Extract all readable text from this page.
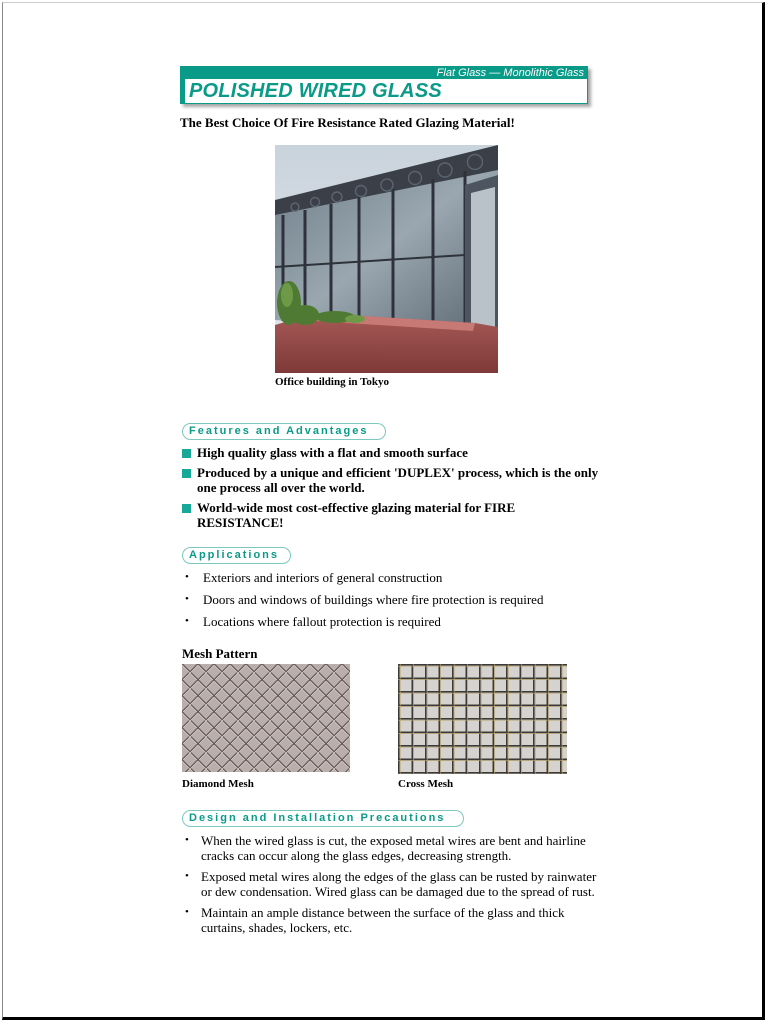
Flat Glass — Monolithic Glass
POLISHED WIRED GLASS
The Best Choice Of Fire Resistance Rated Glazing Material!
Office building in Tokyo
Features and Advantages
High quality glass with a flat and smooth surface
Produced by a unique and efficient 'DUPLEX' process, which is the only one process all over the world.
World-wide most cost-effective glazing material for FIRE RESISTANCE!
Applications
• Exteriors and interiors of general construction
• Doors and windows of buildings where fire protection is required
• Locations where fallout protection is required
Mesh Pattern
Diamond Mesh	Cross Mesh
Design and Installation Precautions
• When the wired glass is cut, the exposed metal wires are bent and hairline cracks can occur along the glass edges, decreasing strength.
• Exposed metal wires along the edges of the glass can be rusted by rainwater or dew condensation. Wired glass can be damaged due to the spread of rust.
• Maintain an ample distance between the surface of the glass and thick curtains, shades, lockers, etc.
